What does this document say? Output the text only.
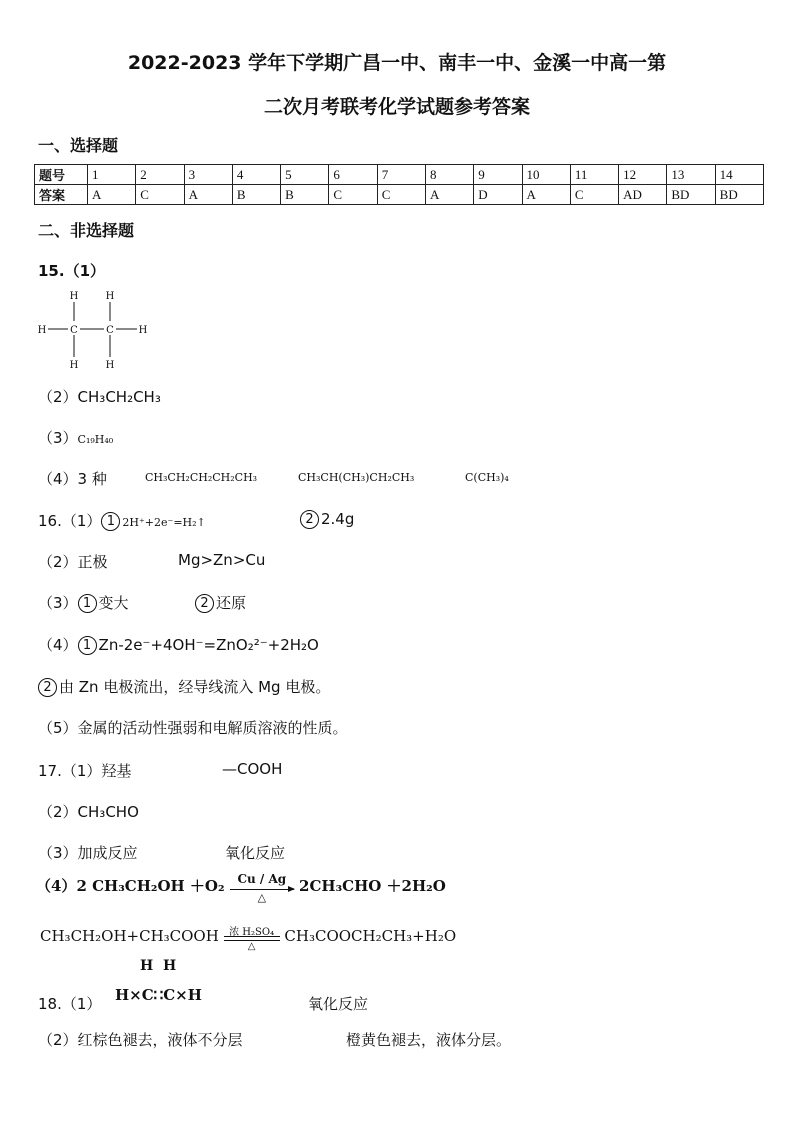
2022-2023 学年下学期广昌一中、南丰一中、金溪一中高一第
二次月考联考化学试题参考答案
一、选择题
题号	1	2	3	4	5	6	7	8	9	10	11	12	13	14
答案	A	C	A	B	B	C	C	A	D	A	C	AD	BD	BD
二、非选择题
15.（1）
H	H
H C	C H
H	H
（2）CH₃CH₂CH₃
（3）C₁₉H₄₀
（4）3 种	CH₃CH₂CH₂CH₂CH₃	CH₃CH(CH₃)CH₂CH₃	C(CH₃)₄
16.（1） 1 2H⁺+2e⁻=H₂↑	2 2.4g
（2）正极	Mg>Zn>Cu
（3） 1 变大	2 还原
（4） 1 Zn-2e⁻+4OH⁻=ZnO₂²⁻+2H₂O
2 由 Zn 电极流出，经导线流入 Mg 电极。
（5）金属的活动性强弱和电解质溶液的性质。
17.（1）羟基	—COOH
（2）CH₃CHO
（3）加成反应	氧化反应
（4）2 CH₃CH₂OH ＋O₂	Cu / Ag
△
2CH₃CHO ＋2H₂O
CH₃CH₂OH+CH₃COOH	浓 H₂SO₄
△
CH₃COOCH₂CH₃+H₂O
18.（1）
H  H
H×C∷C×H	氧化反应
（2）红棕色褪去，液体不分层	橙黄色褪去，液体分层。
